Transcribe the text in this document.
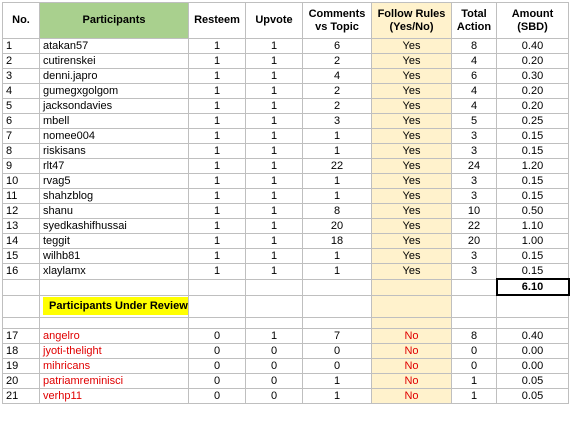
No.	Participants	Resteem	Upvote	Comments vs Topic	Follow Rules (Yes/No)	Total Action	Amount (SBD)
1	atakan57	1	1	6	Yes	8	0.40
2	cutirenskei	1	1	2	Yes	4	0.20
3	denni.japro	1	1	4	Yes	6	0.30
4	gumegxgolgom	1	1	2	Yes	4	0.20
5	jacksondavies	1	1	2	Yes	4	0.20
6	mbell	1	1	3	Yes	5	0.25
7	nomee004	1	1	1	Yes	3	0.15
8	riskisans	1	1	1	Yes	3	0.15
9	rlt47	1	1	22	Yes	24	1.20
10	rvag5	1	1	1	Yes	3	0.15
11	shahzblog	1	1	1	Yes	3	0.15
12	shanu	1	1	8	Yes	10	0.50
13	syedkashifhussai	1	1	20	Yes	22	1.10
14	teggit	1	1	18	Yes	20	1.00
15	wilhb81	1	1	1	Yes	3	0.15
16	xlaylamx	1	1	1	Yes	3	0.15
							6.10
	Participants Under Review						

17	angelro	0	1	7	No	8	0.40
18	jyoti-thelight	0	0	0	No	0	0.00
19	mihricans	0	0	0	No	0	0.00
20	patriamreminisci	0	0	1	No	1	0.05
21	verhp11	0	0	1	No	1	0.05
